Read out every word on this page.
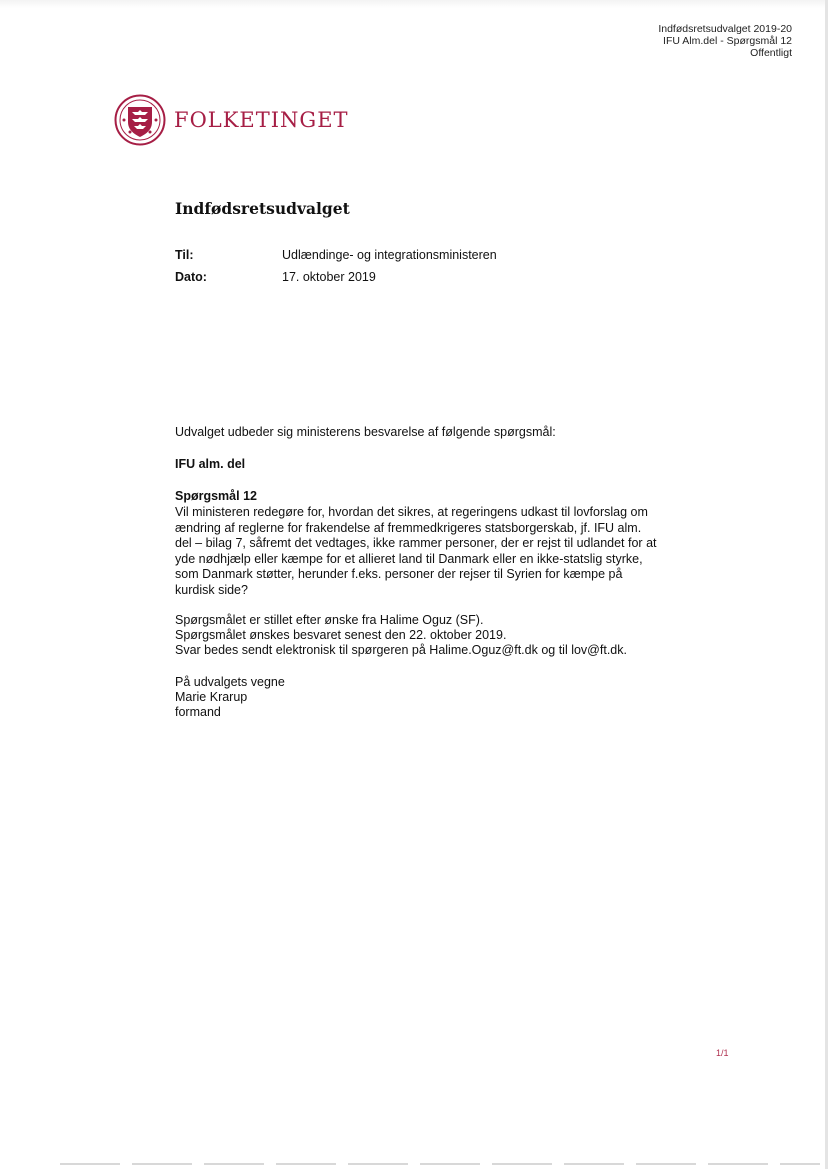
Indfødsretsudvalget 2019-20
IFU Alm.del - Spørgsmål 12
Offentligt
FOLKETINGET
Indfødsretsudvalget
Til:	Udlændinge- og integrationsministeren
Dato:	17. oktober 2019
Udvalget udbeder sig ministerens besvarelse af følgende spørgsmål:
IFU alm. del
Spørgsmål 12
Vil ministeren redegøre for, hvordan det sikres, at regeringens udkast til lovforslag om ændring af reglerne for frakendelse af fremmedkrigeres statsborgerskab, jf. IFU alm. del – bilag 7, såfremt det vedtages, ikke rammer personer, der er rejst til udlandet for at yde nødhjælp eller kæmpe for et allieret land til Danmark eller en ikke-statslig styrke, som Danmark støtter, herunder f.eks. personer der rejser til Syrien for kæmpe på kurdisk side?
Spørgsmålet er stillet efter ønske fra Halime Oguz (SF).
Spørgsmålet ønskes besvaret senest den 22. oktober 2019.
Svar bedes sendt elektronisk til spørgeren på Halime.Oguz@ft.dk og til lov@ft.dk.
På udvalgets vegne
Marie Krarup
formand
1/1
